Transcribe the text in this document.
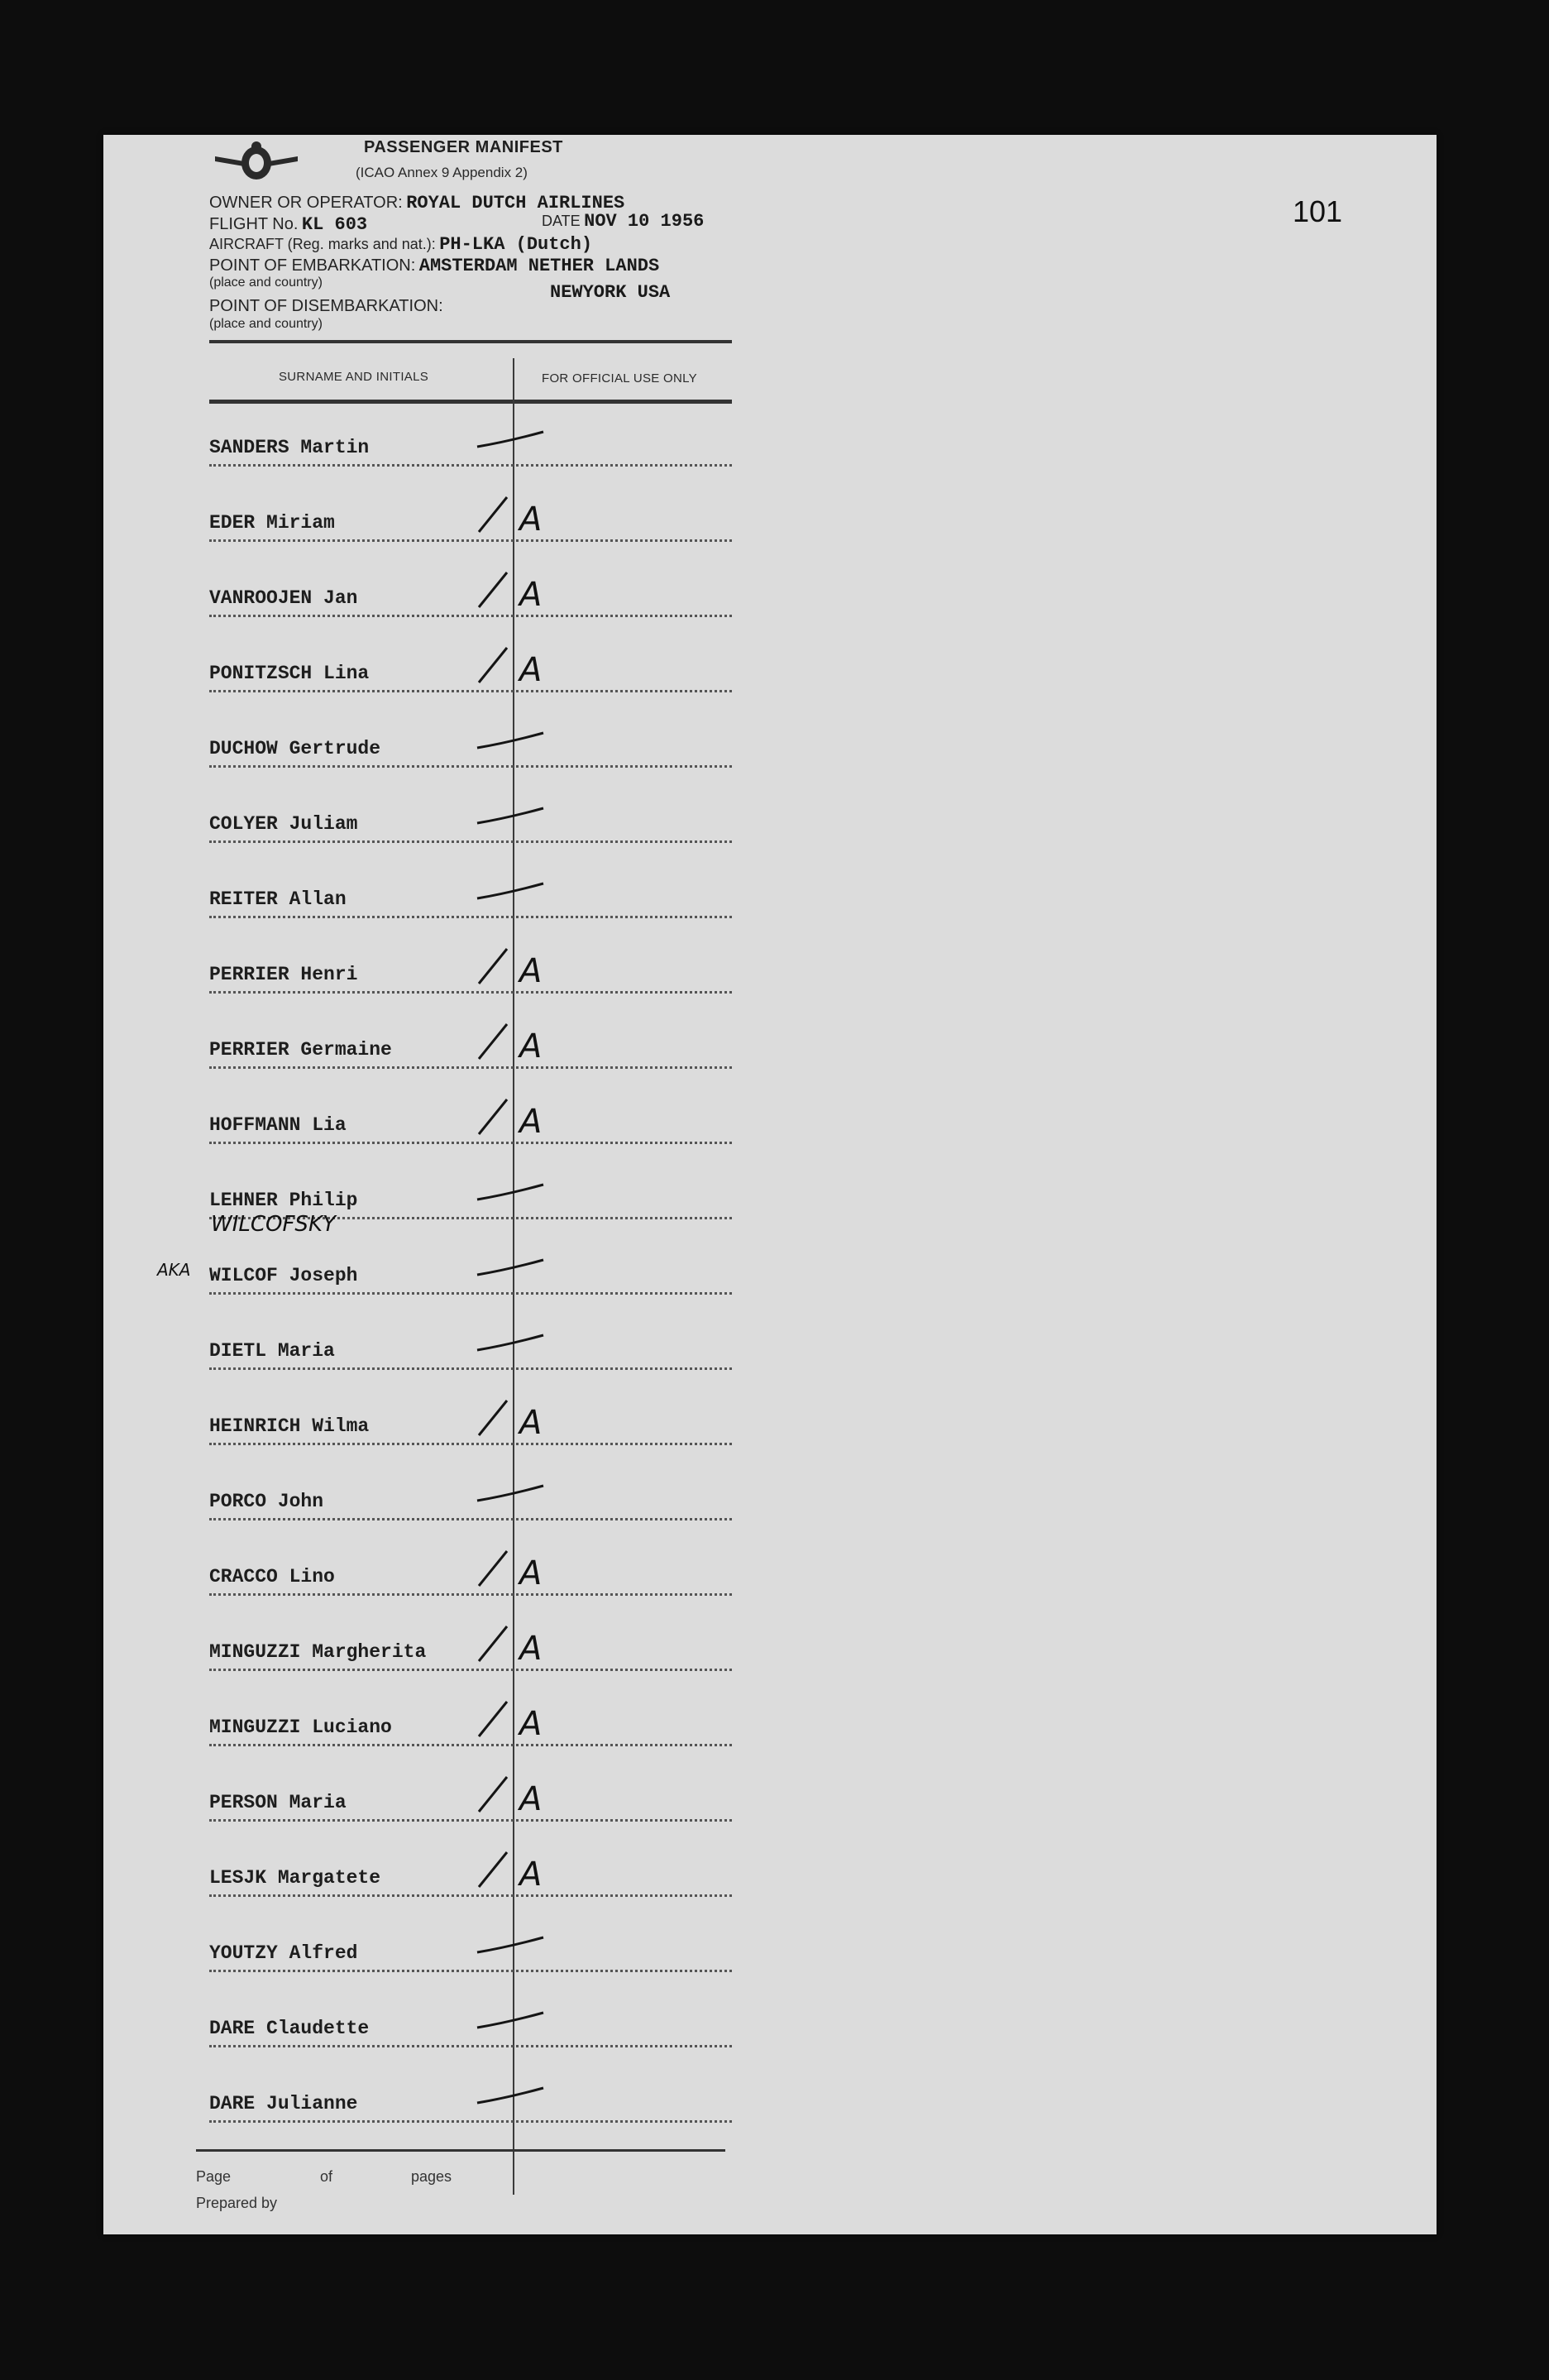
PASSENGER MANIFEST
(ICAO Annex 9 Appendix 2)
OWNER OR OPERATOR: ROYAL DUTCH AIRLINES
FLIGHT No. KL 603	DATE NOV 10 1956
AIRCRAFT (Reg. marks and nat.): PH-LKA (Dutch)
POINT OF EMBARKATION: AMSTERDAM NETHER LANDS
(place and country)	NEWYORK USA
POINT OF DISEMBARKATION:
(place and country)
101
SURNAME AND INITIALS	FOR OFFICIAL USE ONLY
SANDERS Martin
EDER Miriam	A
VANROOJEN Jan	A
PONITZSCH Lina	A
DUCHOW Gertrude
COLYER Juliam
REITER Allan
PERRIER Henri	A
PERRIER Germaine	A
HOFFMANN Lia	A
LEHNER Philip
WILCOF Joseph
DIETL Maria
HEINRICH Wilma	A
PORCO John
CRACCO Lino	A
MINGUZZI Margherita	A
MINGUZZI Luciano	A
PERSON Maria	A
LESJK Margatete	A
YOUTZY Alfred
DARE Claudette
DARE Julianne
WILCOFSKY
AKA
Page	of	pages
Prepared by
